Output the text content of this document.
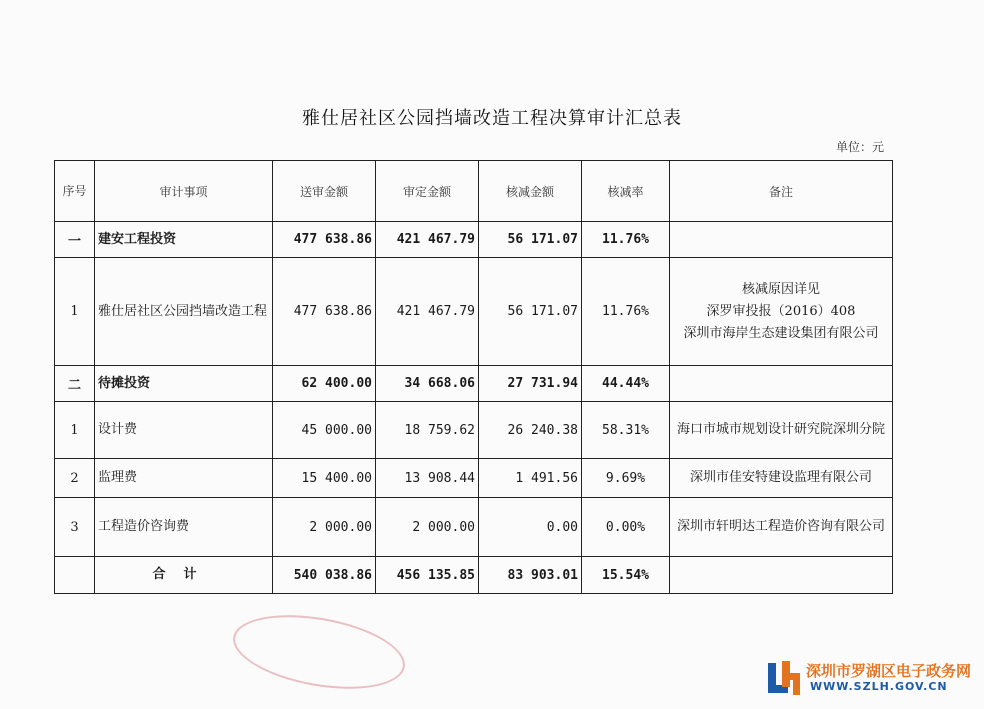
雅仕居社区公园挡墙改造工程决算审计汇总表
单位：元
序号	审计事项	送审金额	审定金额	核减金额	核减率	备注
一	建安工程投资	477 638.86	421 467.79	56 171.07	11.76%	
1	雅仕居社区公园挡墙改造工程	477 638.86	421 467.79	56 171.07	11.76%	核减原因详见
深罗审投报（2016）408
深圳市海岸生态建设集团有限公司

二	待摊投资	62 400.00	34 668.06	27 731.94	44.44%	
1	设计费	45 000.00	18 759.62	26 240.38	58.31%	海口市城市规划设计研究院深圳分院
2	监理费	15 400.00	13 908.44	1 491.56	9.69%	深圳市佳安特建设监理有限公司
3	工程造价咨询费	2 000.00	2 000.00	0.00	0.00%	深圳市轩明达工程造价咨询有限公司
	合计	540 038.86	456 135.85	83 903.01	15.54%	
深圳市罗湖区电子政务网
WWW.SZLH.GOV.CN
